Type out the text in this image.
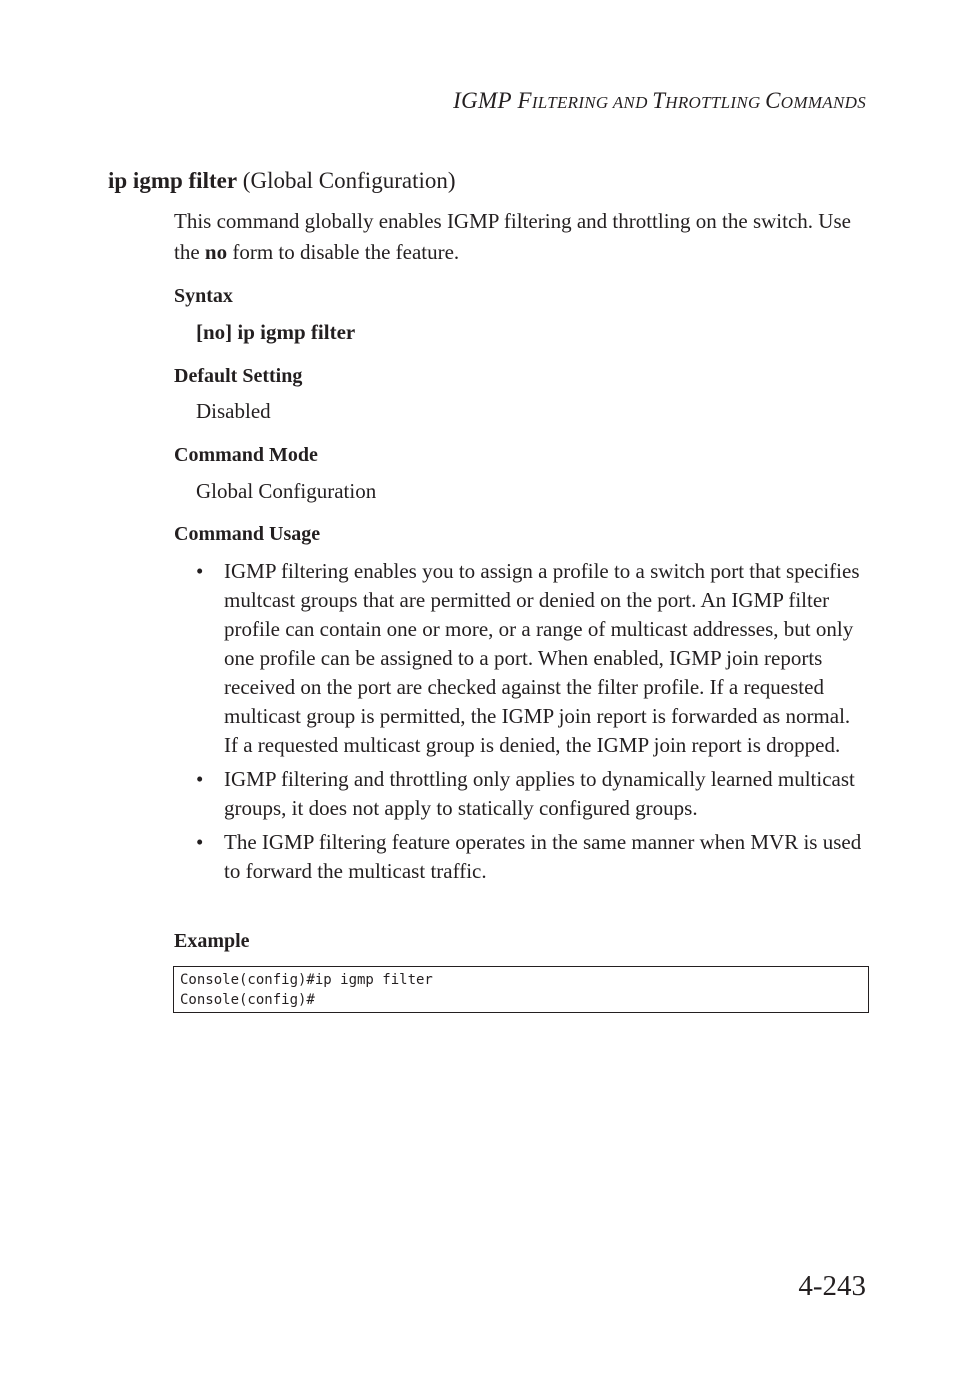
IGMP FILTERING AND THROTTLING COMMANDS
ip igmp filter (Global Configuration)
This command globally enables IGMP filtering and throttling on the switch. Use the no form to disable the feature.
Syntax
[no] ip igmp filter
Default Setting
Disabled
Command Mode
Global Configuration
Command Usage
• IGMP filtering enables you to assign a profile to a switch port that specifies multcast groups that are permitted or denied on the port. An IGMP filter profile can contain one or more, or a range of multicast addresses, but only one profile can be assigned to a port. When enabled, IGMP join reports received on the port are checked against the filter profile. If a requested multicast group is permitted, the IGMP join report is forwarded as normal. If a requested multicast group is denied, the IGMP join report is dropped.
• IGMP filtering and throttling only applies to dynamically learned multicast groups, it does not apply to statically configured groups.
• The IGMP filtering feature operates in the same manner when MVR is used to forward the multicast traffic.
Example
Console(config)#ip igmp filter
Console(config)#
4-243
